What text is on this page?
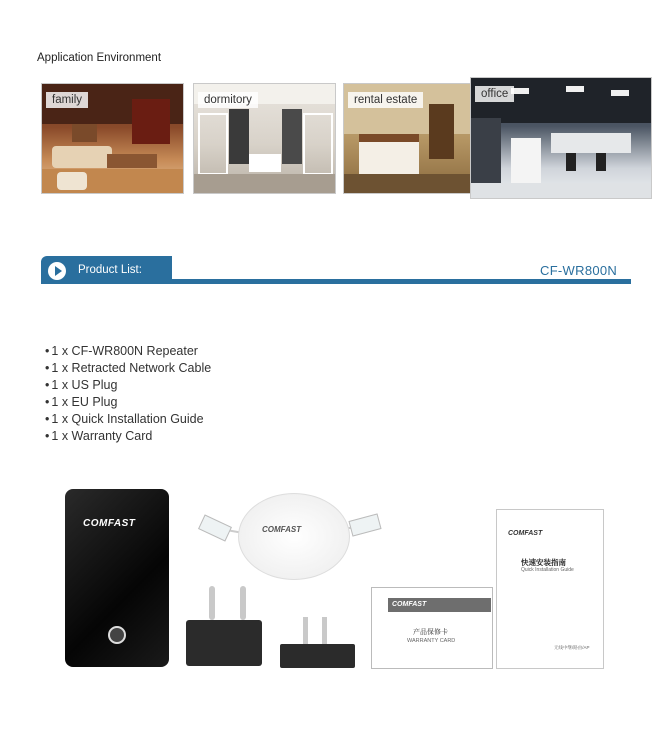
Application Environment
family	dormitory	rental estate	office
Product List:	CF-WR800N
• 1 x CF-WR800N Repeater
• 1 x Retracted Network Cable
• 1 x US Plug
• 1 x EU Plug
• 1 x Quick Installation Guide
• 1 x Warranty Card
COMFAST
COMFAST
COMFAST
产品保修卡
WARRANTY CARD
COMFAST
快速安装指南
Quick Installation Guide
无线中继/路由/AP
